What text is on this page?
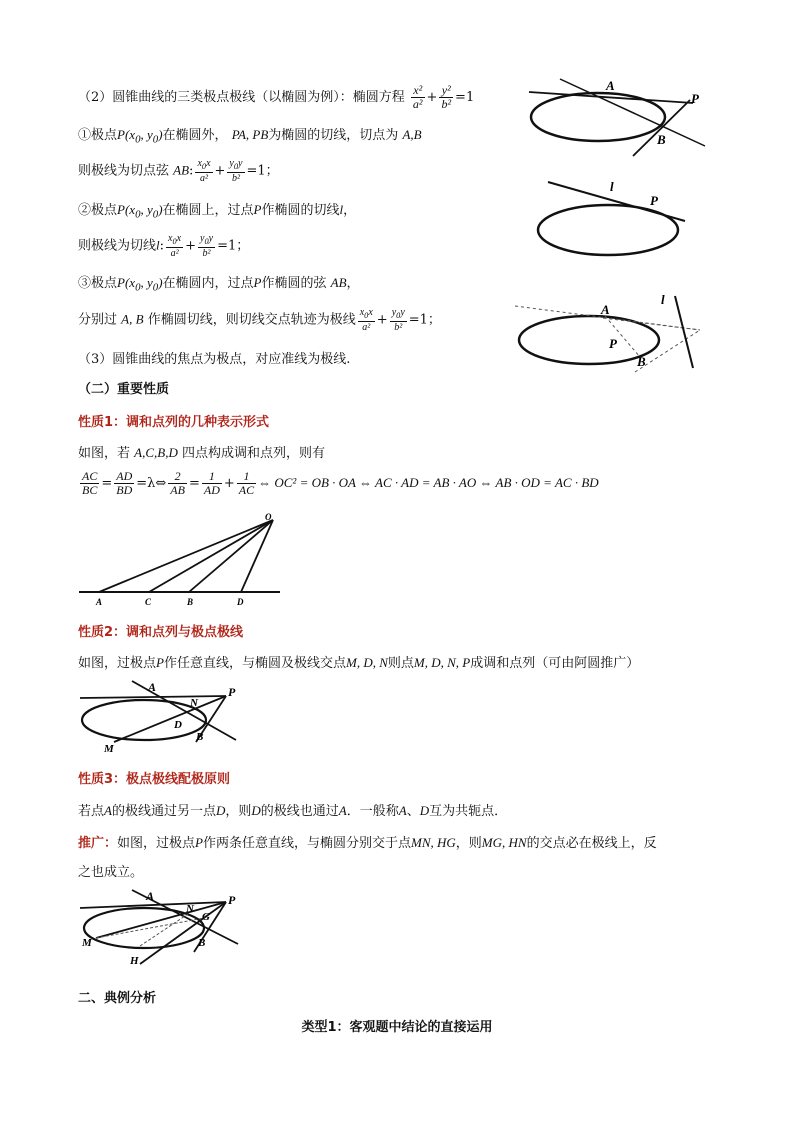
（2）圆锥曲线的三类极点极线（以椭圆为例）：椭圆方程 $\frac{\text{x²}}{\text{a²}} + \frac{\text{y²}}{\text{b²}} =1$
①极点$P(x_0$, $y_0$)在椭圆外， PA, PB为椭圆的切线，切点为 A,B
则极线为切点弦 AB: $\frac{x_0x}{\text{a²}} + \frac{y_0y}{\text{b²}} =1$；
②极点$P(x_0$, $y_0$)在椭圆上，过点P作椭圆的切线l，
则极线为切线l: $\frac{x_0x}{\text{a²}} + \frac{y_0y}{\text{b²}} =1$；
③极点$P(x_0$, $y_0$)在椭圆内，过点P作椭圆的弦 AB，
分别过 A, B 作椭圆切线，则切线交点轨迹为极线 $\frac{x_0x}{\text{a²}} + \frac{y_0y}{\text{b²}} =1$；
（3）圆锥曲线的焦点为极点，对应准线为极线.
（二）重要性质
性质1：调和点列的几种表示形式
如图，若 A,C,B,D 四点构成调和点列，则有
$\frac{AC}{BC} = \frac{AD}{BD}$ =λ⇔ $\frac{2}{AB} = \frac{1}{AD} + \frac{1}{AC}$ ⇔ OC² = OB · OA ⇔ AC · AD = AB · AO ⇔ AB · OD = AC · BD
性质2：调和点列与极点极线
如图，过极点P作任意直线，与椭圆及极线交点M, D, N则点M, D, N, P成调和点列（可由阿圆推广）
性质3：极点极线配极原则
若点A的极线通过另一点D，则D的极线也通过A．一般称A、D互为共轭点．
推广：如图，过极点P作两条任意直线，与椭圆分别交于点MN, HG，则MG, HN的交点必在极线上，反
之也成立。
二、典例分析
类型1：客观题中结论的直接运用
A
P
B
l
P
A
P
B
l
O
A	C	B	D
A
N
P
D
B
M
A
N
P
G
B
M
H
